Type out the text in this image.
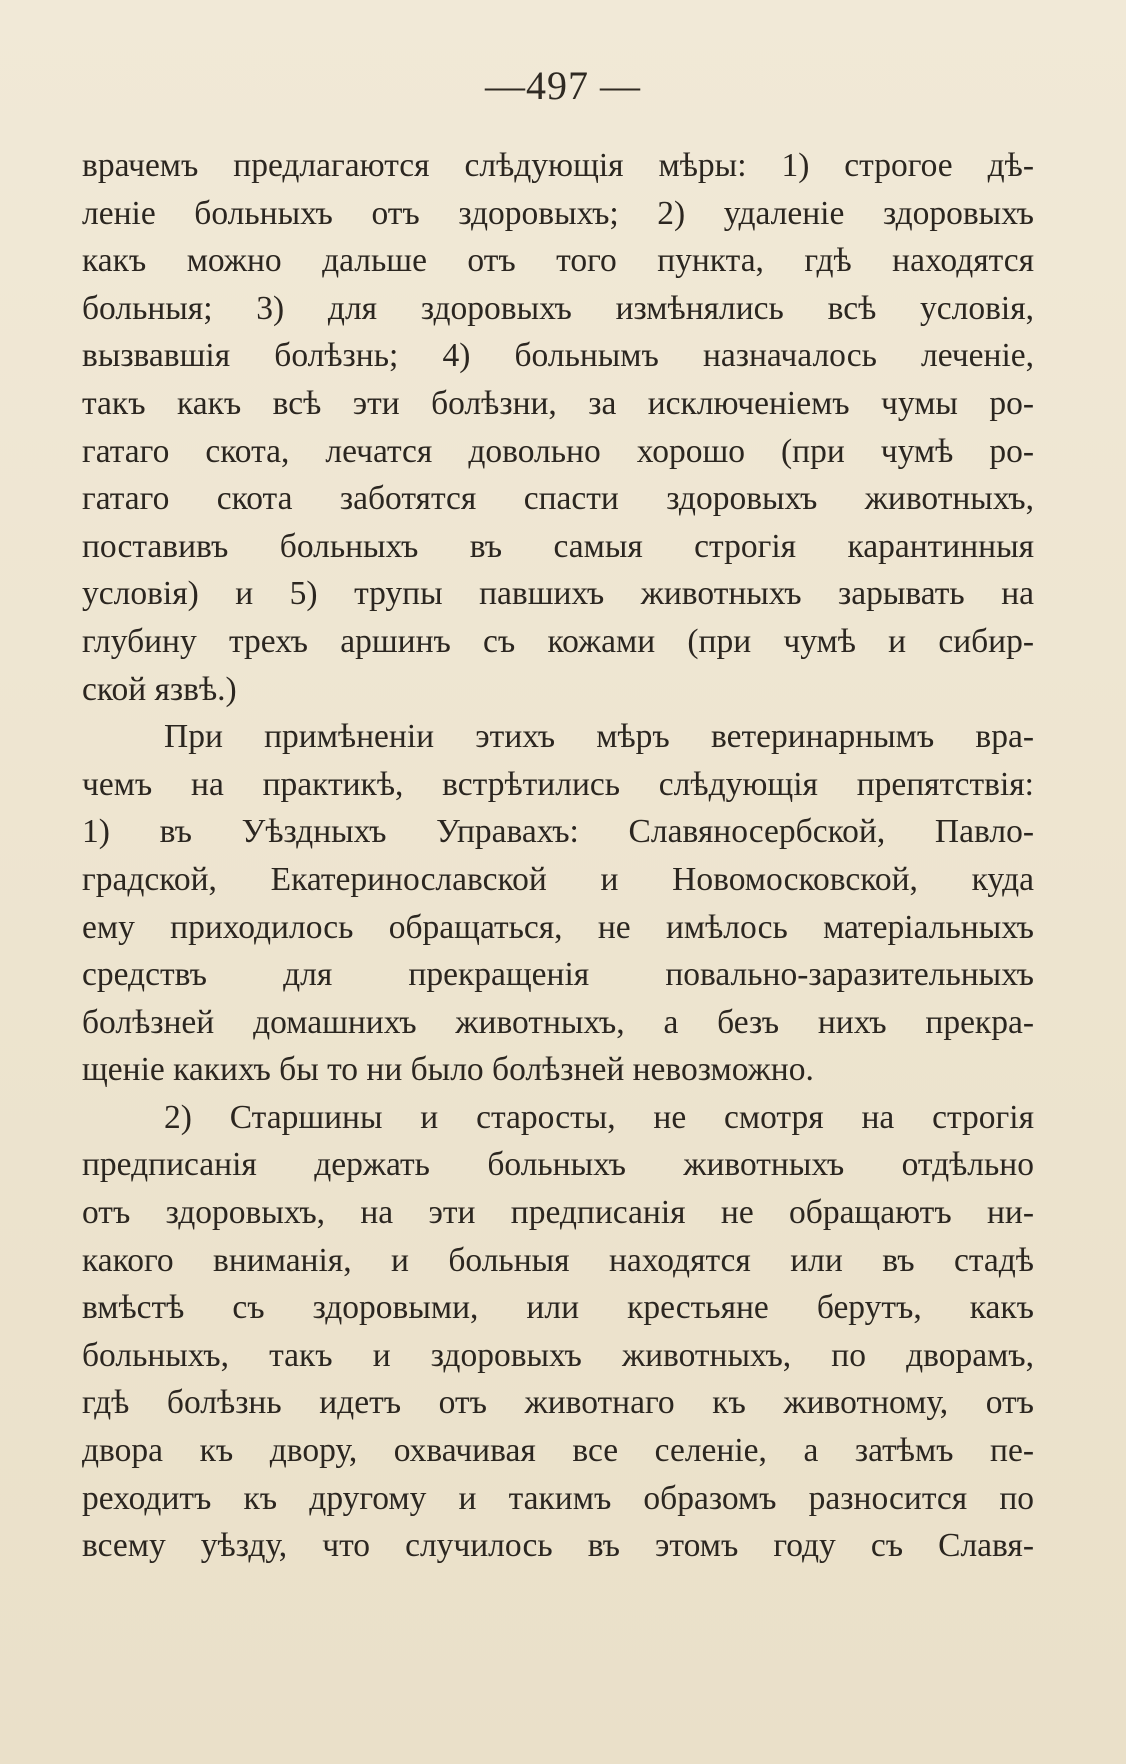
—497 —
врачемъ предлагаются слѣдующія мѣры: 1) строгое дѣ-
леніе больныхъ отъ здоровыхъ; 2) удаленіе здоровыхъ
какъ можно дальше отъ того пункта, гдѣ находятся
больныя; 3) для здоровыхъ измѣнялись всѣ условія,
вызвавшія болѣзнь; 4) больнымъ назначалось леченіе,
такъ какъ всѣ эти болѣзни, за исключеніемъ чумы ро-
гатаго скота, лечатся довольно хорошо (при чумѣ ро-
гатаго скота заботятся спасти здоровыхъ животныхъ,
поставивъ больныхъ въ самыя строгія карантинныя
условія) и 5) трупы павшихъ животныхъ зарывать на
глубину трехъ аршинъ съ кожами (при чумѣ и сибир-
ской язвѣ.)
При примѣненіи этихъ мѣръ ветеринарнымъ вра-
чемъ на практикѣ, встрѣтились слѣдующія препятствія:
1) въ Уѣздныхъ Управахъ: Славяносербской, Павло-
градской, Екатеринославской и Новомосковской, куда
ему приходилось обращаться, не имѣлось матеріальныхъ
средствъ для прекращенія повально-заразительныхъ
болѣзней домашнихъ животныхъ, а безъ нихъ прекра-
щеніе какихъ бы то ни было болѣзней невозможно.
2) Старшины и старосты, не смотря на строгія
предписанія держать больныхъ животныхъ отдѣльно
отъ здоровыхъ, на эти предписанія не обращаютъ ни-
какого вниманія, и больныя находятся или въ стадѣ
вмѣстѣ съ здоровыми, или крестьяне берутъ, какъ
больныхъ, такъ и здоровыхъ животныхъ, по дворамъ,
гдѣ болѣзнь идетъ отъ животнаго къ животному, отъ
двора къ двору, охвачивая все селеніе, а затѣмъ пе-
реходитъ къ другому и такимъ образомъ разносится по
всему уѣзду, что случилось въ этомъ году съ Славя-
